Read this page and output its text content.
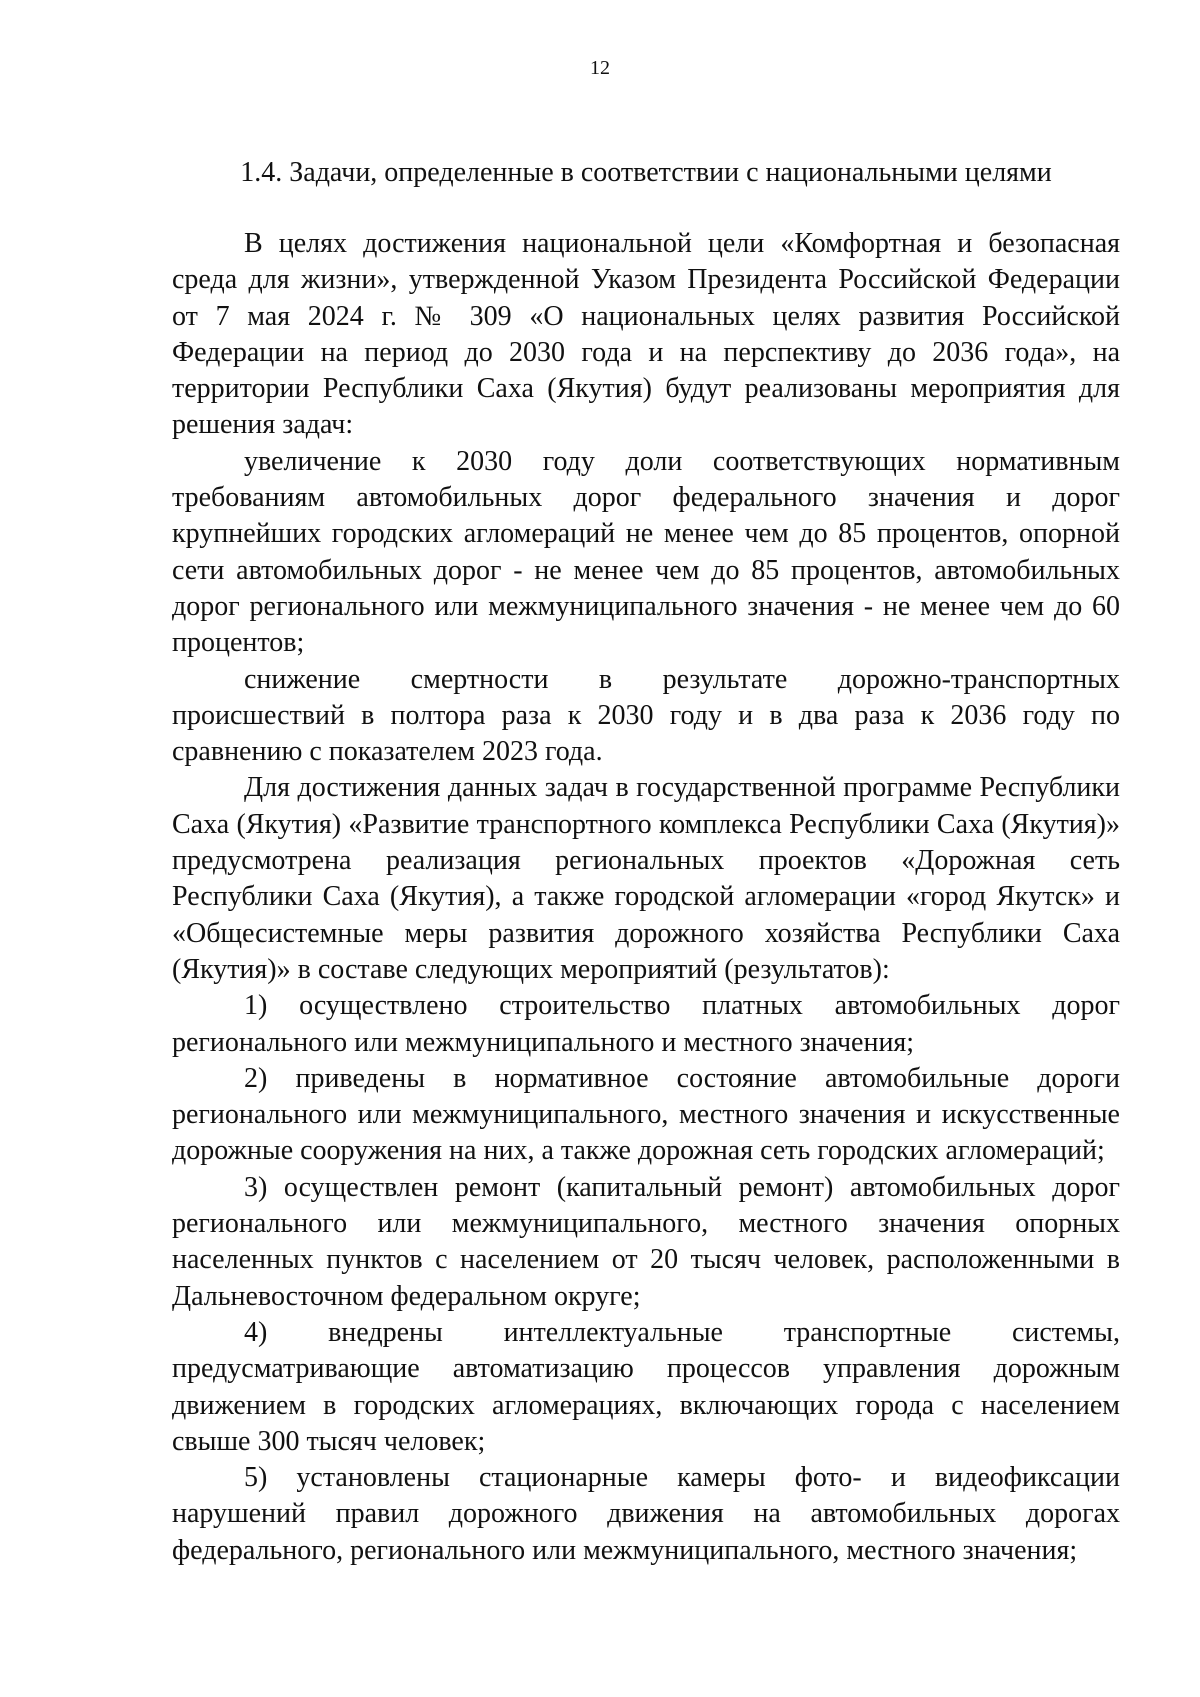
12
1.4. Задачи, определенные в соответствии с национальными целями

В целях достижения национальной цели «Комфортная и безопасная среда для жизни», утвержденной Указом Президента Российской Федерации от 7 мая 2024 г. № 309 «О национальных целях развития Российской Федерации на период до 2030 года и на перспективу до 2036 года», на территории Республики Саха (Якутия) будут реализованы мероприятия для решения задач:

увеличение к 2030 году доли соответствующих нормативным требованиям автомобильных дорог федерального значения и дорог крупнейших городских агломераций не менее чем до 85 процентов, опорной сети автомобильных дорог - не менее чем до 85 процентов, автомобильных дорог регионального или межмуниципального значения - не менее чем до 60 процентов;

снижение смертности в результате дорожно-транспортных происшествий в полтора раза к 2030 году и в два раза к 2036 году по сравнению с показателем 2023 года.

Для достижения данных задач в государственной программе Республики Саха (Якутия) «Развитие транспортного комплекса Республики Саха (Якутия)» предусмотрена реализация региональных проектов «Дорожная сеть Республики Саха (Якутия), а также городской агломерации «город Якутск» и «Общесистемные меры развития дорожного хозяйства Республики Саха (Якутия)» в составе следующих мероприятий (результатов):

1) осуществлено строительство платных автомобильных дорог регионального или межмуниципального и местного значения;

2) приведены в нормативное состояние автомобильные дороги регионального или межмуниципального, местного значения и искусственные дорожные сооружения на них, а также дорожная сеть городских агломераций;

3) осуществлен ремонт (капитальный ремонт) автомобильных дорог регионального или межмуниципального, местного значения опорных населенных пунктов с населением от 20 тысяч человек, расположенными в Дальневосточном федеральном округе;

4) внедрены интеллектуальные транспортные системы, предусматривающие автоматизацию процессов управления дорожным движением в городских агломерациях, включающих города с населением свыше 300 тысяч человек;

5) установлены стационарные камеры фото- и видеофиксации нарушений правил дорожного движения на автомобильных дорогах федерального, регионального или межмуниципального, местного значения;
